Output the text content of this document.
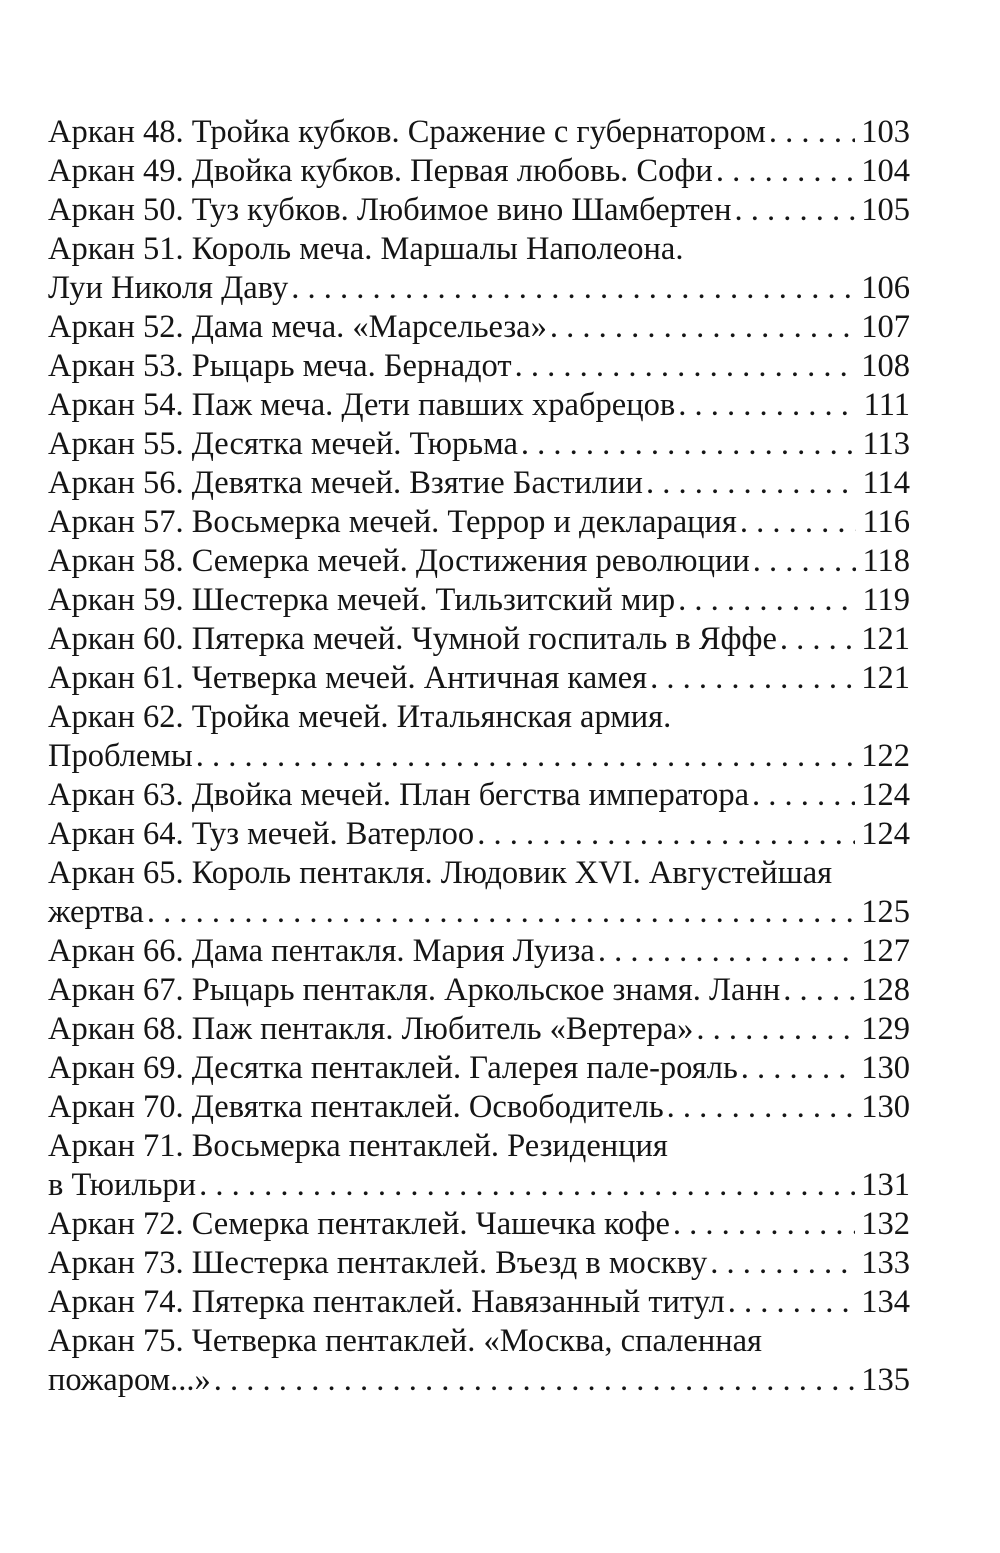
Аркан 48. Тройка кубков. Сражение с губернатором . . .	103
Аркан 49. Двойка кубков. Первая любовь. Софи . . .	104
Аркан 50. Туз кубков. Любимое вино Шамбертен . . .	105
Аркан 51. Король меча. Маршалы Наполеона.
Луи Николя Даву . . .	106
Аркан 52. Дама меча. «Марсельеза» . . .	107
Аркан 53. Рыцарь меча. Бернадот . . .	108
Аркан 54. Паж меча. Дети павших храбрецов . . .	111
Аркан 55. Десятка мечей. Тюрьма . . .	113
Аркан 56. Девятка мечей. Взятие Бастилии . . .	114
Аркан 57. Восьмерка мечей. Террор и декларация . . .	116
Аркан 58. Семерка мечей. Достижения революции . . .	118
Аркан 59. Шестерка мечей. Тильзитский мир . . .	119
Аркан 60. Пятерка мечей. Чумной госпиталь в Яффе . . .	121
Аркан 61. Четверка мечей. Античная камея . . .	121
Аркан 62. Тройка мечей. Итальянская армия.
Проблемы . . .	122
Аркан 63. Двойка мечей. План бегства императора . . .	124
Аркан 64. Туз мечей. Ватерлоо . . .	124
Аркан 65. Король пентакля. Людовик XVI. Августейшая
жертва . . .	125
Аркан 66. Дама пентакля. Мария Луиза . . .	127
Аркан 67. Рыцарь пентакля. Аркольское знамя. Ланн . . . 128
Аркан 68. Паж пентакля. Любитель «Вертера» . . .	129
Аркан 69. Десятка пентаклей. Галерея пале-рояль . . .	130
Аркан 70. Девятка пентаклей. Освободитель . . .	130
Аркан 71. Восьмерка пентаклей. Резиденция
в Тюильри . . .	131
Аркан 72. Семерка пентаклей. Чашечка кофе . . .	132
Аркан 73. Шестерка пентаклей. Въезд в москву . . .	133
Аркан 74. Пятерка пентаклей. Навязанный титул . . .	134
Аркан 75. Четверка пентаклей. «Москва, спаленная
пожаром...» . . .	135
